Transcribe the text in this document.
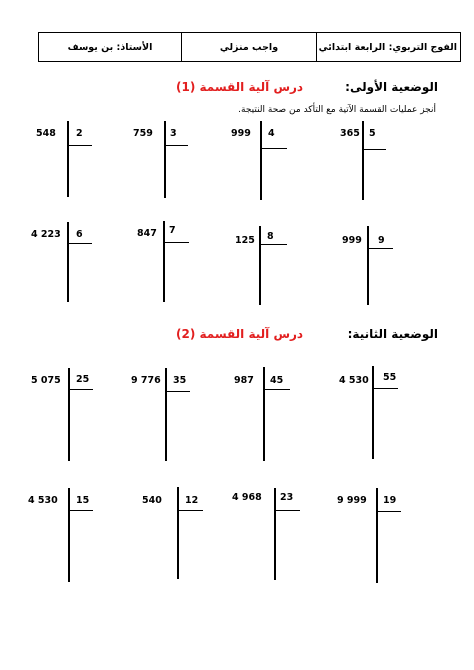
الفوج التربوي: الرابعة ابتدائي	واجب منزلي	الأستاذ: بن يوسف
الوضعية الأولى:
درس آلية القسمة (1)
أنجز عمليات القسمة الآتية مع التأكد من صحة النتيجة.
الوضعية الثانية:
درس آلية القسمة (2)
548 2	759 3	999 4	365 5
4 223 6	847 7
125 8	999 9
5 075 25	9 776 35	987 45	4 530 55
4 530 15	540 12	4 968 23	9 999 19
